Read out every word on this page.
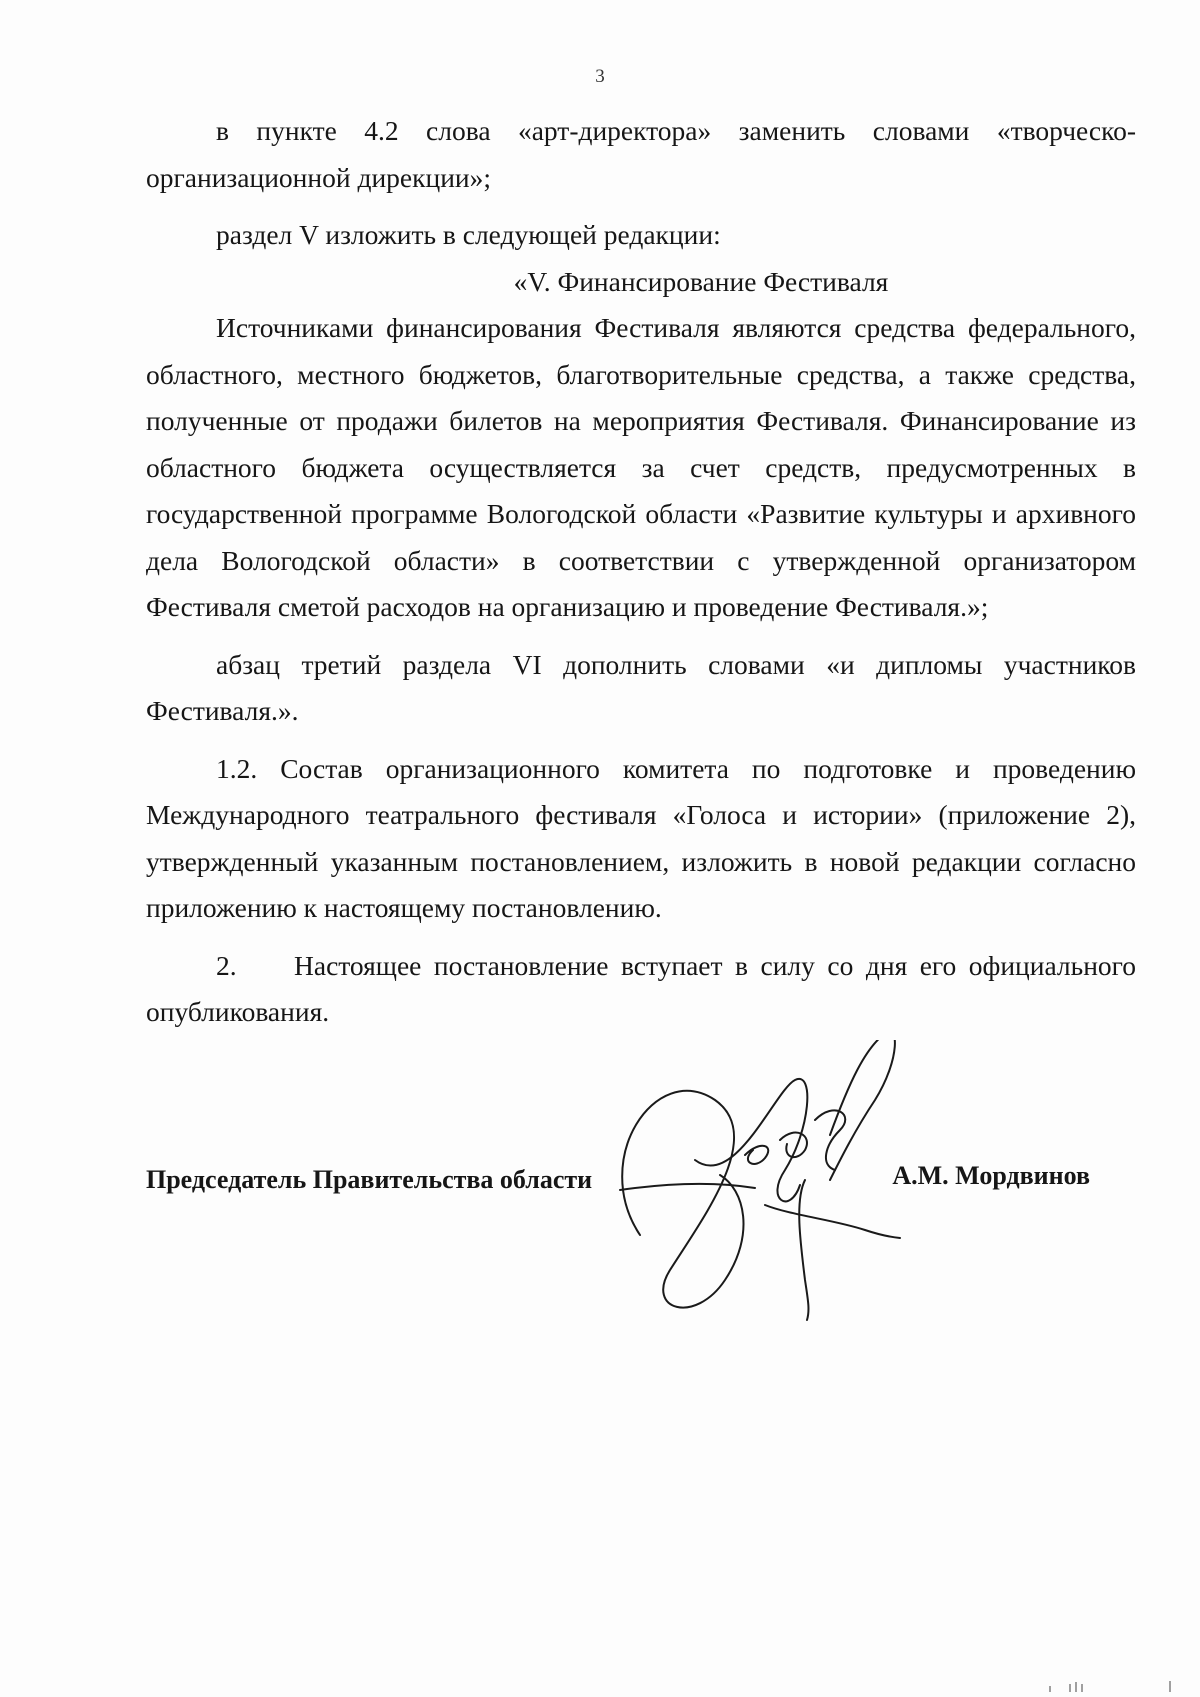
3

в пункте 4.2 слова «арт-директора» заменить словами «творческо-организационной дирекции»;

раздел V изложить в следующей редакции:

«V. Финансирование Фестиваля

Источниками финансирования Фестиваля являются средства федерального, областного, местного бюджетов, благотворительные средства, а также средства, полученные от продажи билетов на мероприятия Фестиваля. Финансирование из областного бюджета осуществляется за счет средств, предусмотренных в государственной программе Вологодской области «Развитие культуры и архивного дела Вологодской области» в соответствии с утвержденной организатором Фестиваля сметой расходов на организацию и проведение Фестиваля.»;

абзац третий раздела VI дополнить словами «и дипломы участников Фестиваля.».

1.2. Состав организационного комитета по подготовке и проведению Международного театрального фестиваля «Голоса и истории» (приложение 2), утвержденный указанным постановлением, изложить в новой редакции согласно приложению к настоящему постановлению.

2. Настоящее постановление вступает в силу со дня его официального опубликования.

Председатель Правительства области	А.М. Мордвинов
